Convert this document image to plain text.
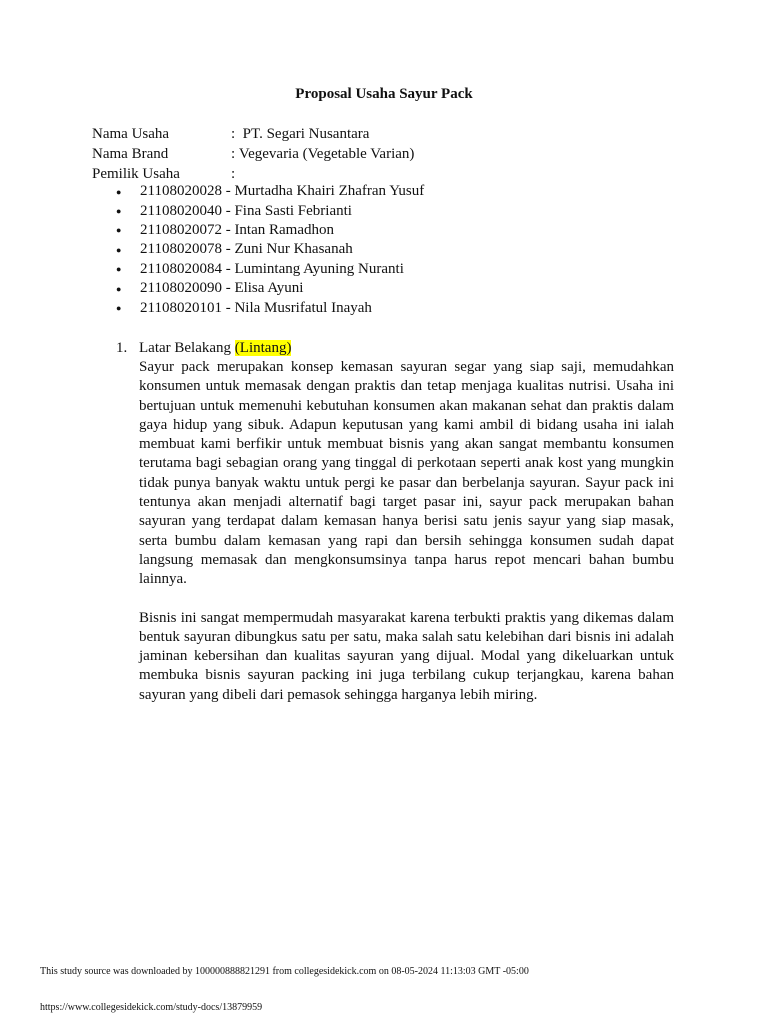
Proposal Usaha Sayur Pack
Nama Usaha	: PT. Segari Nusantara
Nama Brand	: Vegevaria (Vegetable Varian)
Pemilik Usaha	:
●	21108020028 - Murtadha Khairi Zhafran Yusuf
●	21108020040 - Fina Sasti Febrianti
●	21108020072 - Intan Ramadhon
●	21108020078 - Zuni Nur Khasanah
●	21108020084 - Lumintang Ayuning Nuranti
●	21108020090 - Elisa Ayuni
●	21108020101 - Nila Musrifatul Inayah
1. Latar Belakang (Lintang)

Sayur pack merupakan konsep kemasan sayuran segar yang siap saji, memudahkan konsumen untuk memasak dengan praktis dan tetap menjaga kualitas nutrisi. Usaha ini bertujuan untuk memenuhi kebutuhan konsumen akan makanan sehat dan praktis dalam gaya hidup yang sibuk. Adapun keputusan yang kami ambil di bidang usaha ini ialah membuat kami berfikir untuk membuat bisnis yang akan sangat membantu konsumen terutama bagi sebagian orang yang tinggal di perkotaan seperti anak kost yang mungkin tidak punya banyak waktu untuk pergi ke pasar dan berbelanja sayuran. Sayur pack ini tentunya akan menjadi alternatif bagi target pasar ini, sayur pack merupakan bahan sayuran yang terdapat dalam kemasan hanya berisi satu jenis sayur yang siap masak, serta bumbu dalam kemasan yang rapi dan bersih sehingga konsumen sudah dapat langsung memasak dan mengkonsumsinya tanpa harus repot mencari bahan bumbu lainnya.

Bisnis ini sangat mempermudah masyarakat karena terbukti praktis yang dikemas dalam bentuk sayuran dibungkus satu per satu, maka salah satu kelebihan dari bisnis ini adalah jaminan kebersihan dan kualitas sayuran yang dijual. Modal yang dikeluarkan untuk membuka bisnis sayuran packing ini juga terbilang cukup terjangkau, karena bahan sayuran yang dibeli dari pemasok sehingga harganya lebih miring.

This study source was downloaded by 100000888821291 from collegesidekick.com on 08-05-2024 11:13:03 GMT -05:00
https://www.collegesidekick.com/study-docs/13879959
